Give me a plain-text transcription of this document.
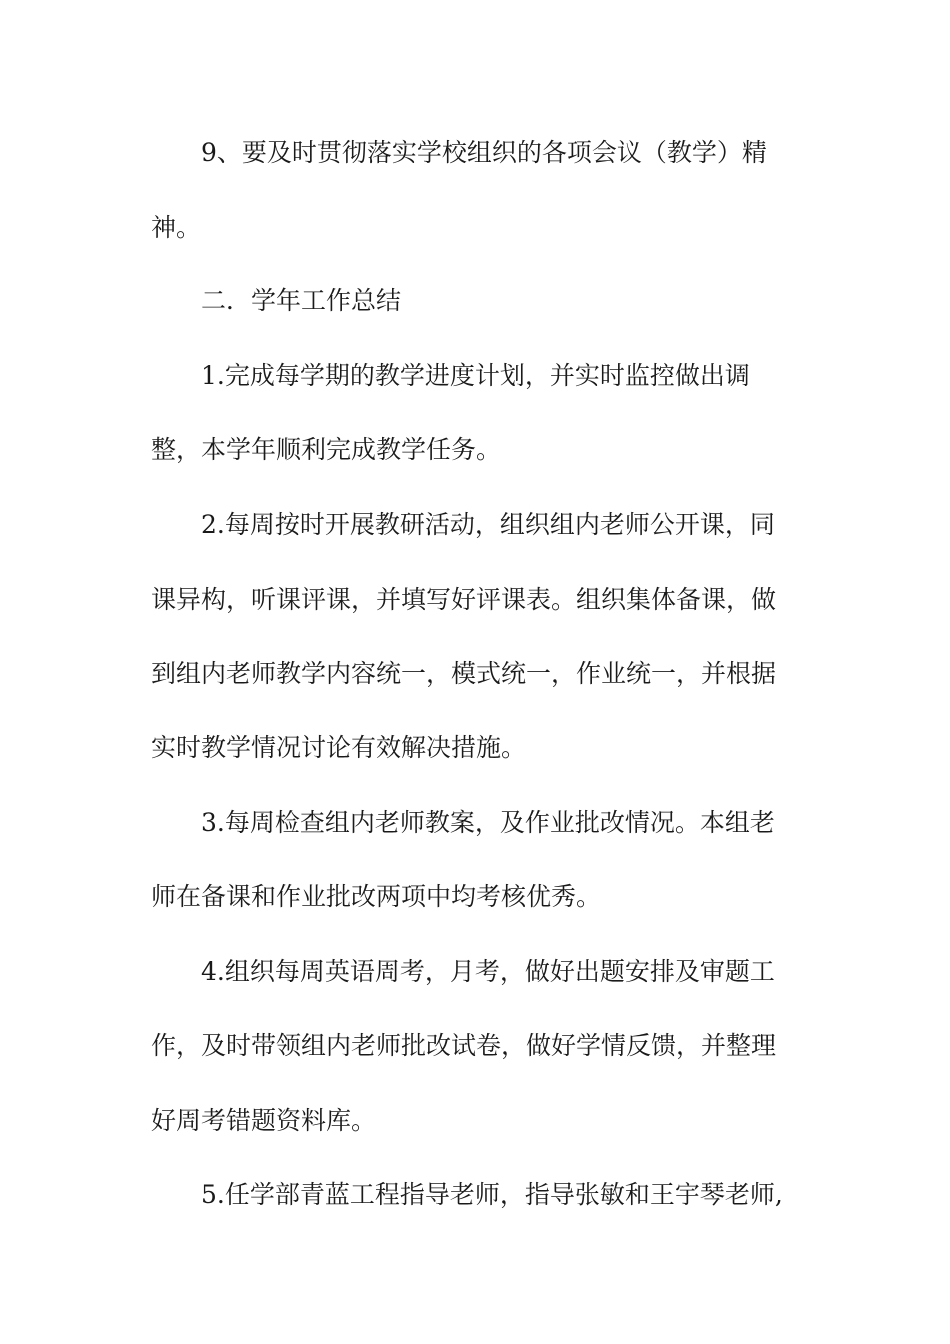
9、要及时贯彻落实学校组织的各项会议（教学）精
神。
二．学年工作总结
1.完成每学期的教学进度计划，并实时监控做出调
整，本学年顺利完成教学任务。
2.每周按时开展教研活动，组织组内老师公开课，同
课异构，听课评课，并填写好评课表。组织集体备课，做
到组内老师教学内容统一，模式统一，作业统一，并根据
实时教学情况讨论有效解决措施。
3.每周检查组内老师教案，及作业批改情况。本组老
师在备课和作业批改两项中均考核优秀。
4.组织每周英语周考，月考，做好出题安排及审题工
作，及时带领组内老师批改试卷，做好学情反馈，并整理
好周考错题资料库。
5.任学部青蓝工程指导老师，指导张敏和王宇琴老师,
